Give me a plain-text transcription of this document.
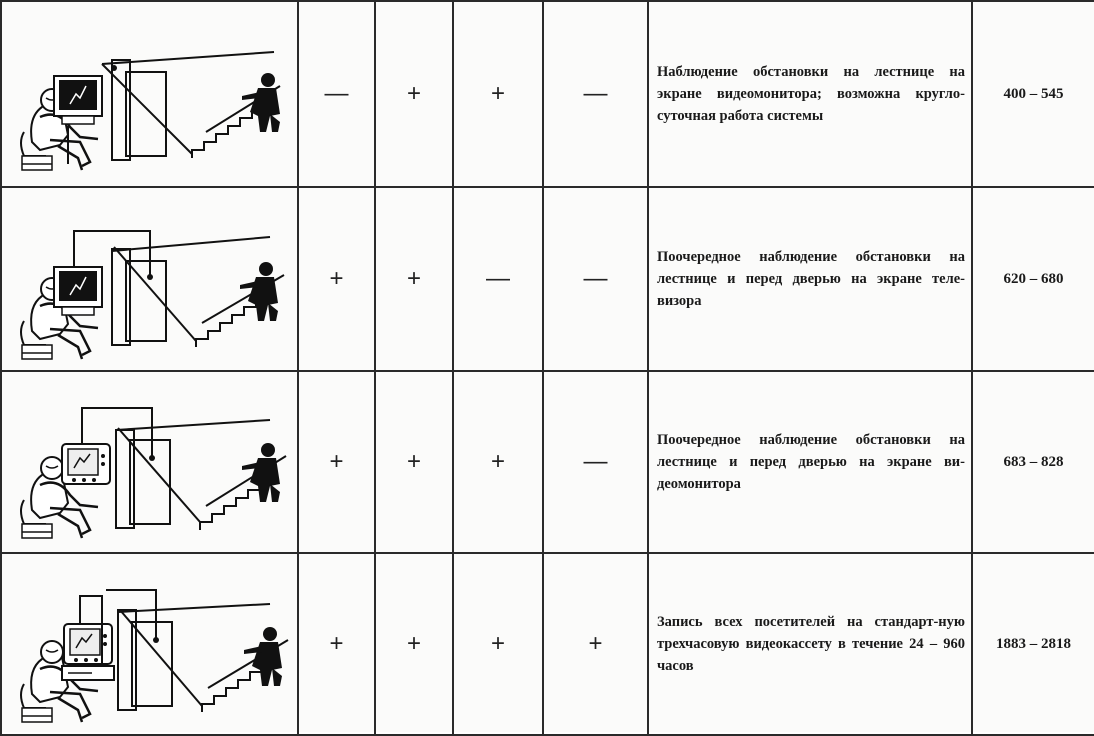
	—	+	+	—	Наблюдение обстановки на лестнице на экране видеомонитора; возможна кругло-суточная работа системы	400 – 545

	+	+	—	—	Поочередное наблюдение обстановки на лестнице и перед дверью на экране теле-визора	620 – 680

	+	+	+	—	Поочередное наблюдение обстановки на лестнице и перед дверью на экране ви-деомонитора	683 – 828

	+	+	+	+	Запись всех посетителей на стандарт-ную трехчасовую видеокассету в течение 24 – 960 часов	1883 – 2818
